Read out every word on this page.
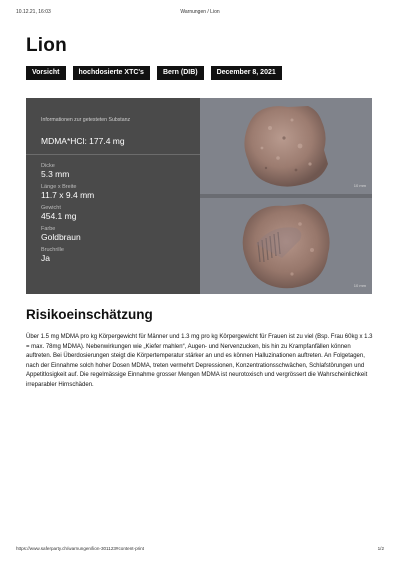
10.12.21, 16:03	Warnungen / Lion
Lion
Vorsicht	hochdosierte XTC's	Bern (DIB)	December 8, 2021
Informationen zur getesteten Substanz
MDMA*HCl: 177.4 mg
Dicke
5.3 mm
Länge x Breite
11.7 x 9.4 mm
Gewicht
454.1 mg
Farbe
Goldbraun
Bruchrille
Ja
10 mm
10 mm
Risikoeinschätzung

Über 1.5 mg MDMA pro kg Körpergewicht für Männer und 1.3 mg pro kg Körpergewicht für Frauen ist zu viel (Bsp. Frau 60kg x 1.3 = max. 78mg MDMA). Nebenwirkungen wie „Kiefer mahlen“, Augen- und Nervenzucken, bis hin zu Krampfanfällen können auftreten. Bei Überdosierungen steigt die Körpertemperatur stärker an und es können Halluzinationen auftreten. An Folgetagen, nach der Einnahme solch hoher Dosen MDMA, treten vermehrt Depressionen, Konzentrationsschwächen, Schlafstörungen und Appetitlosigkeit auf. Die regelmässige Einnahme grosser Mengen MDMA ist neurotoxisch und vergrössert die Wahrscheinlichkeit irreparabler Hirnschäden.

https://www.saferparty.ch/warnungen/lion-301123#content-print	1/2
